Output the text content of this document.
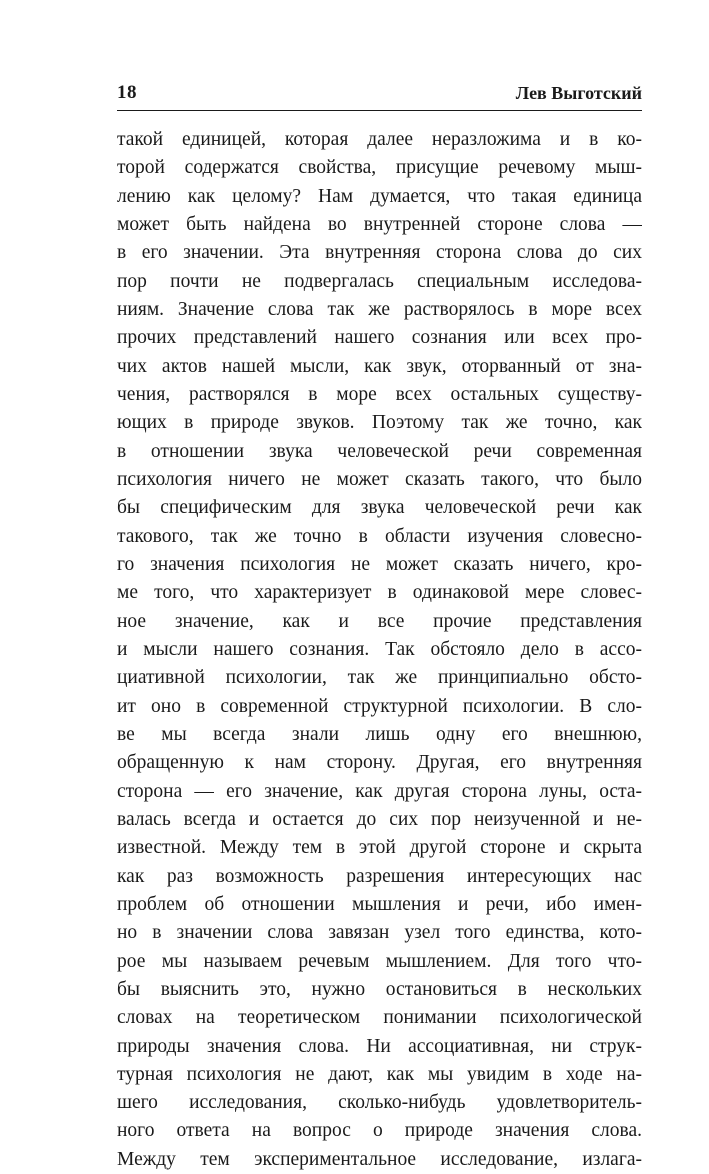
18	Лев Выготский
такой единицей, которая далее неразложима и в ко-
торой содержатся свойства, присущие речевому мыш-
лению как целому? Нам думается, что такая единица
может быть найдена во внутренней стороне слова —
в его значении. Эта внутренняя сторона слова до сих
пор почти не подвергалась специальным исследова-
ниям. Значение слова так же растворялось в море всех
прочих представлений нашего сознания или всех про-
чих актов нашей мысли, как звук, оторванный от зна-
чения, растворялся в море всех остальных существу-
ющих в природе звуков. Поэтому так же точно, как
в отношении звука человеческой речи современная
психология ничего не может сказать такого, что было
бы специфическим для звука человеческой речи как
такового, так же точно в области изучения словесно-
го значения психология не может сказать ничего, кро-
ме того, что характеризует в одинаковой мере словес-
ное значение, как и все прочие представления
и мысли нашего сознания. Так обстояло дело в ассо-
циативной психологии, так же принципиально обсто-
ит оно в современной структурной психологии. В сло-
ве мы всегда знали лишь одну его внешнюю,
обращенную к нам сторону. Другая, его внутренняя
сторона — его значение, как другая сторона луны, оста-
валась всегда и остается до сих пор неизученной и не-
известной. Между тем в этой другой стороне и скрыта
как раз возможность разрешения интересующих нас
проблем об отношении мышления и речи, ибо имен-
но в значении слова завязан узел того единства, кото-
рое мы называем речевым мышлением. Для того что-
бы выяснить это, нужно остановиться в нескольких
словах на теоретическом понимании психологической
природы значения слова. Ни ассоциативная, ни струк-
турная психология не дают, как мы увидим в ходе на-
шего исследования, сколько-нибудь удовлетворитель-
ного ответа на вопрос о природе значения слова.
Между тем экспериментальное исследование, излага-
